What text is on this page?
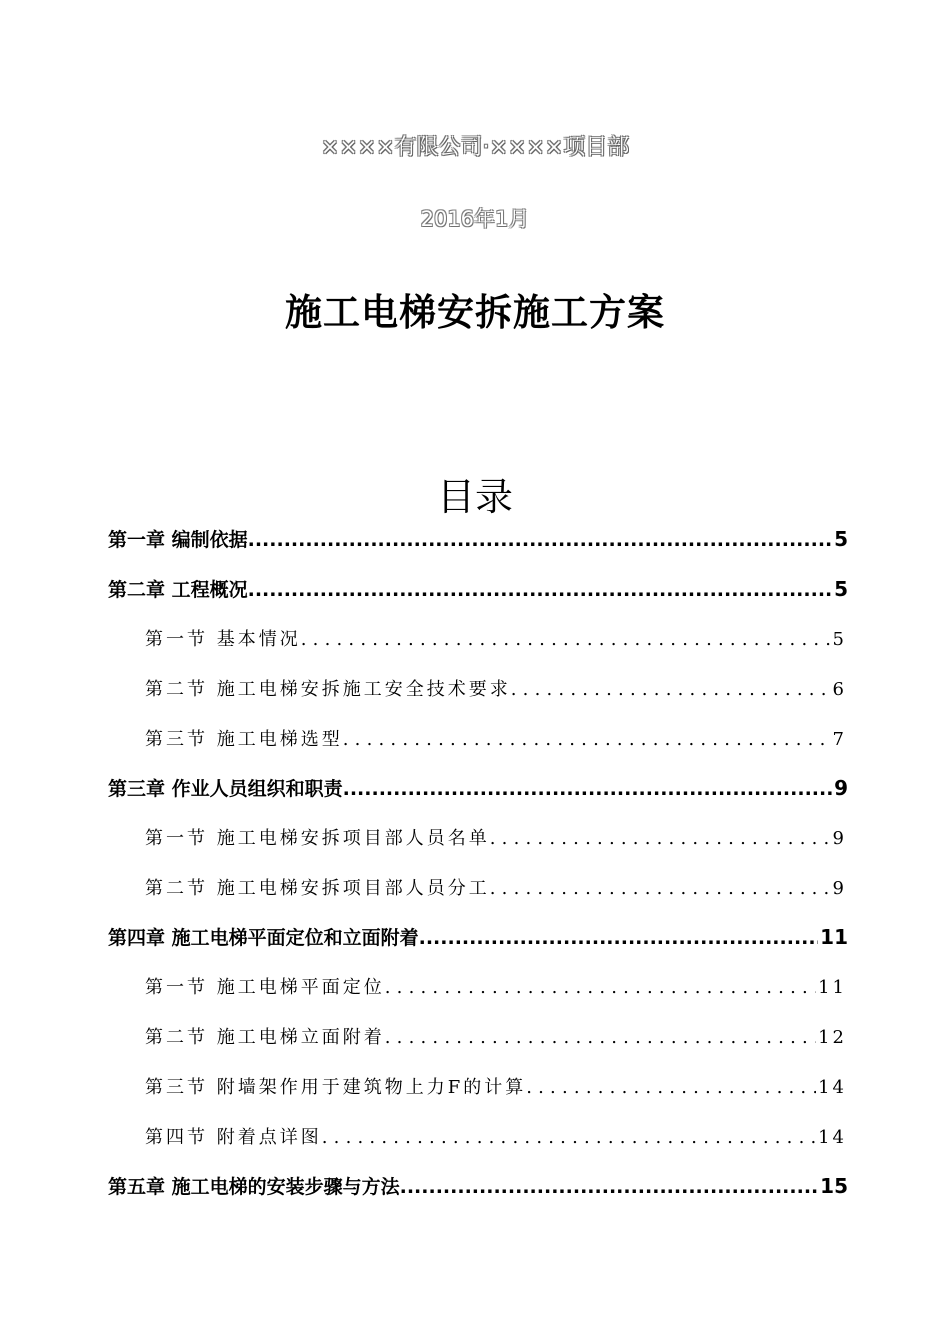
××××有限公司·××××项目部
2016年1月
施工电梯安拆施工方案
目录
第一章 编制依据 .....	5
第二章 工程概况 .....	5
第一节 基本情况 .....	5
第二节 施工电梯安拆施工安全技术要求 .....	6
第三节 施工电梯选型 .....	7
第三章 作业人员组织和职责 .....	9
第一节 施工电梯安拆项目部人员名单 .....	9
第二节 施工电梯安拆项目部人员分工 .....	9
第四章 施工电梯平面定位和立面附着 .....	11
第一节 施工电梯平面定位 .....	11
第二节 施工电梯立面附着 .....	12
第三节 附墙架作用于建筑物上力F的计算 .....	14
第四节 附着点详图 .....	14
第五章 施工电梯的安装步骤与方法 .....	15
